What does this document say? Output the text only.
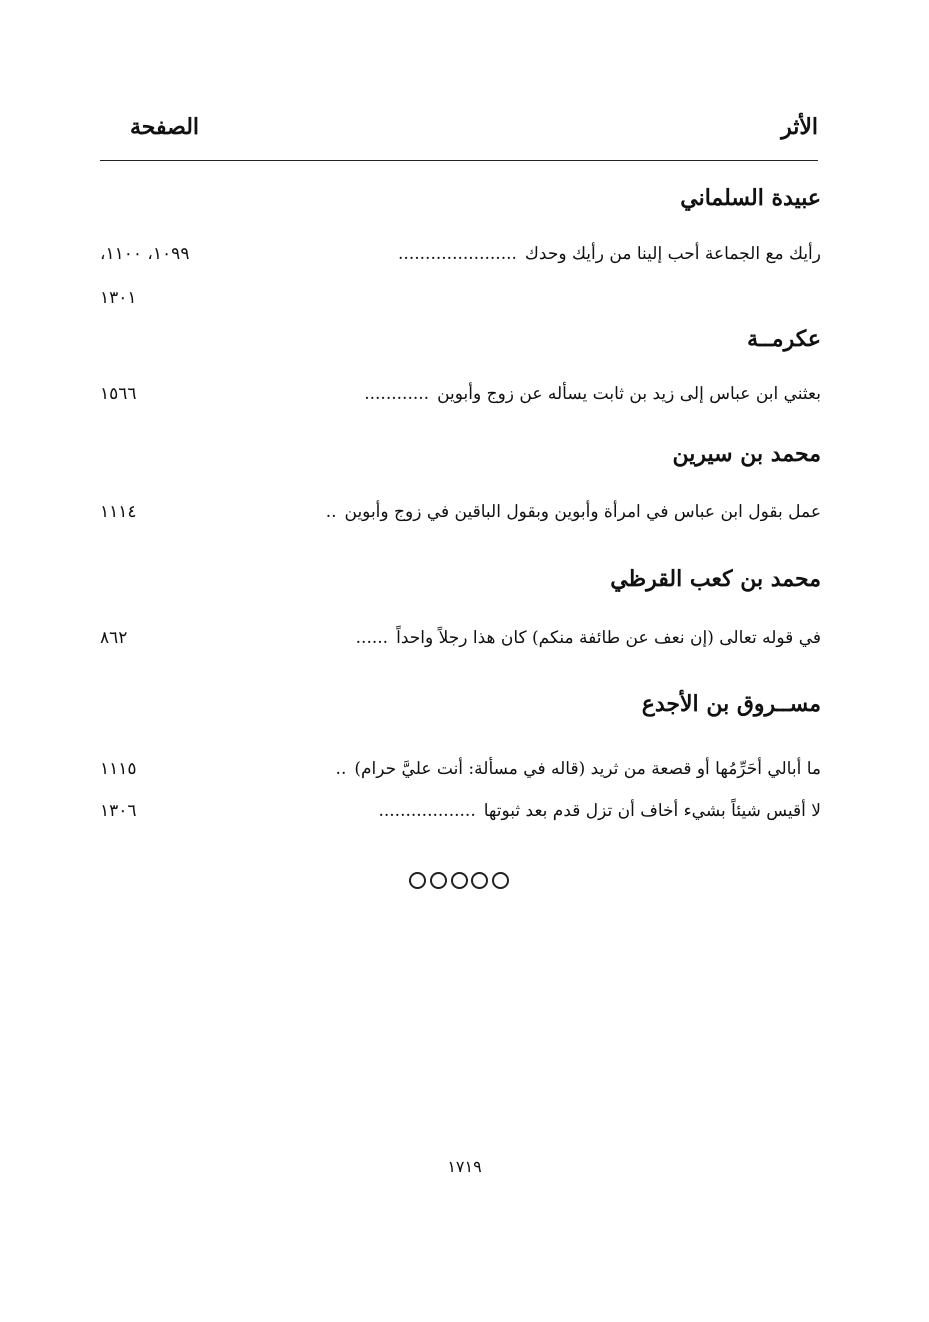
الأثر
الصفحة
عبيدة السلماني
رأيك مع الجماعة أحب إلينا من رأيك وحدك......................
١٠٩٩، ١١٠٠،
١٣٠١
عكرمــة
بعثني ابن عباس إلى زيد بن ثابت يسأله عن زوج وأبوين............
١٥٦٦
محمد بن سيرين
عمل بقول ابن عباس في امرأة وأبوين وبقول الباقين في زوج وأبوين..
١١١٤
محمد بن كعب القرظي
في قوله تعالى (إن نعف عن طائفة منكم) كان هذا رجلاً واحداً......
٨٦٢
مســروق بن الأجدع
ما أبالي أحَرِّمُها أو قصعة من ثريد (قاله في مسألة: أنت عليَّ حرام)..
١١١٥
لا أقيس شيئاً بشيء أخاف أن تزل قدم بعد ثبوتها..................
١٣٠٦
١٧١٩
